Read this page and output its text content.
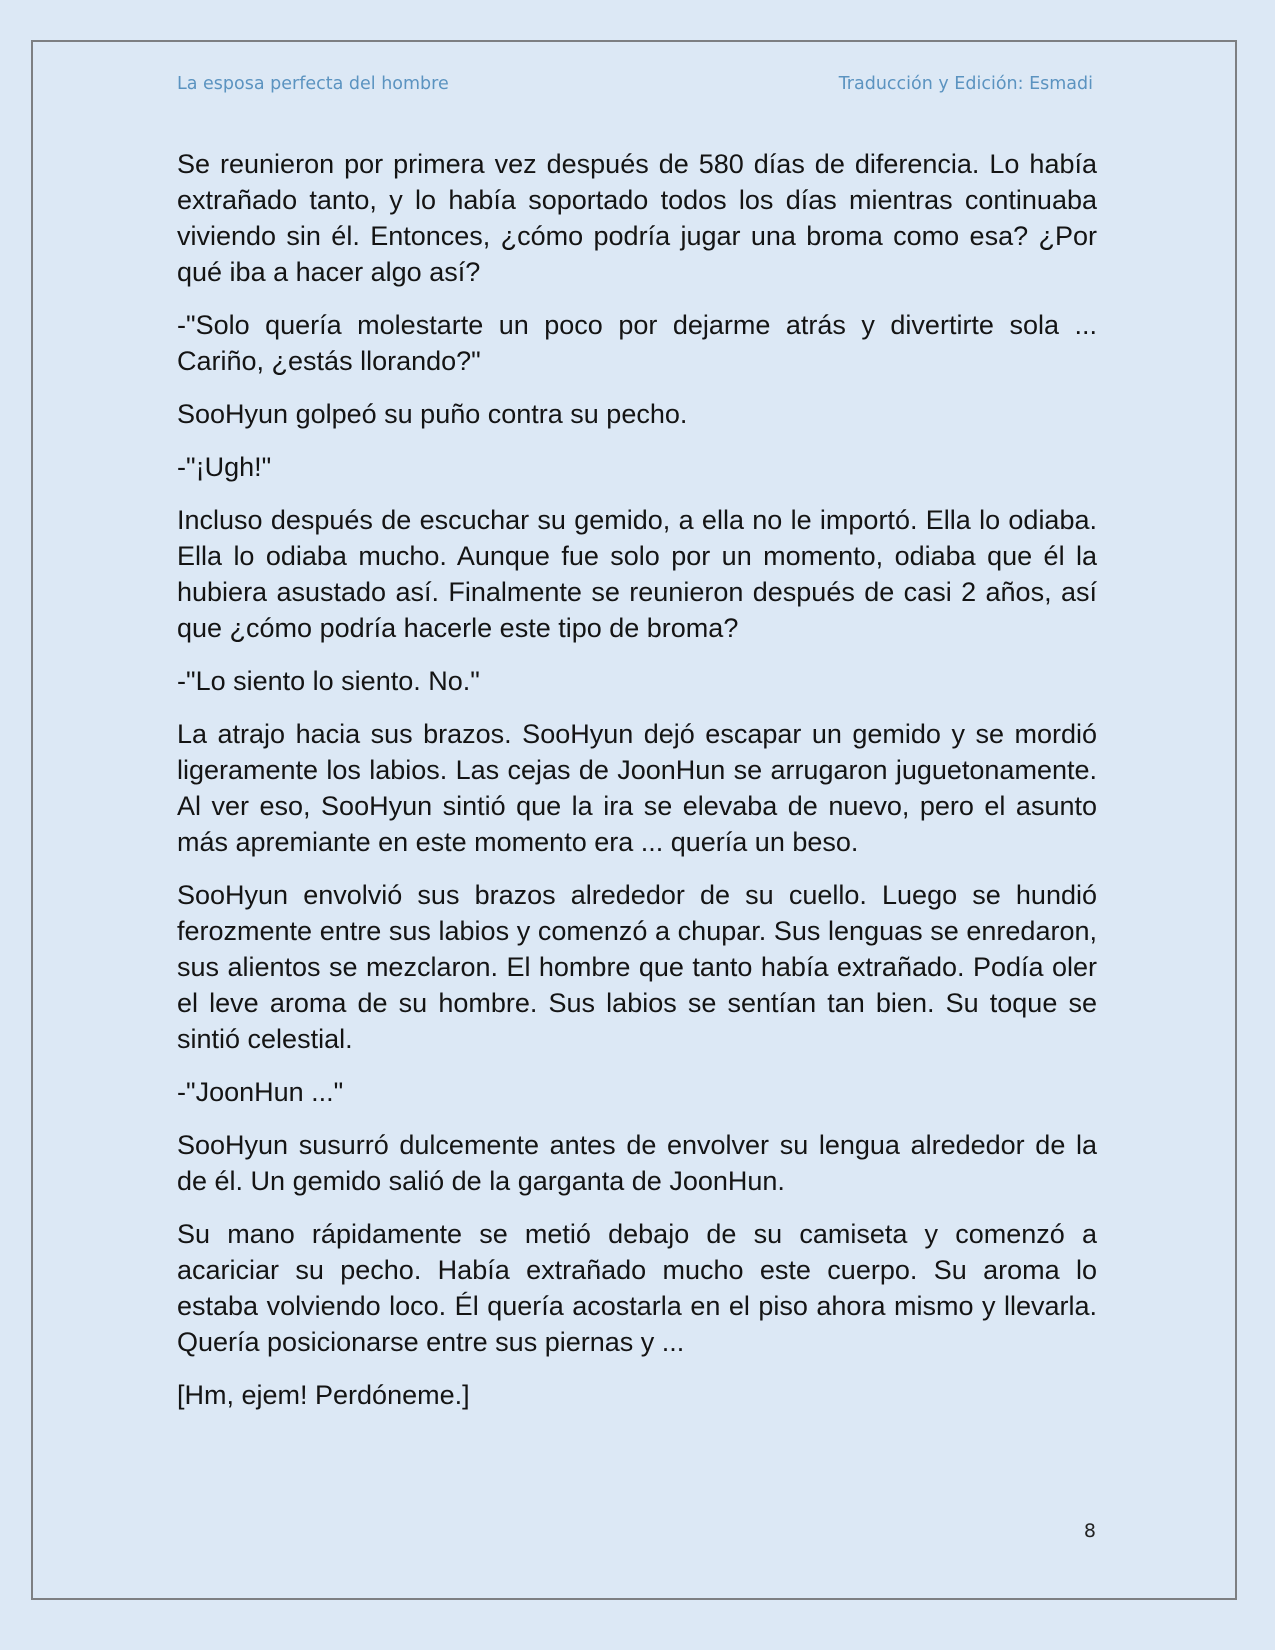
La esposa perfecta del hombre	Traducción y Edición: Esmadi

Se reunieron por primera vez después de 580 días de diferencia. Lo había extrañado tanto, y lo había soportado todos los días mientras continuaba viviendo sin él. Entonces, ¿cómo podría jugar una broma como esa? ¿Por qué iba a hacer algo así?

-"Solo quería molestarte un poco por dejarme atrás y divertirte sola ... Cariño, ¿estás llorando?"

SooHyun golpeó su puño contra su pecho.

-"¡Ugh!"

Incluso después de escuchar su gemido, a ella no le importó. Ella lo odiaba. Ella lo odiaba mucho. Aunque fue solo por un momento, odiaba que él la hubiera asustado así. Finalmente se reunieron después de casi 2 años, así que ¿cómo podría hacerle este tipo de broma?

-"Lo siento lo siento. No."

La atrajo hacia sus brazos. SooHyun dejó escapar un gemido y se mordió ligeramente los labios. Las cejas de JoonHun se arrugaron juguetonamente. Al ver eso, SooHyun sintió que la ira se elevaba de nuevo, pero el asunto más apremiante en este momento era ... quería un beso.

SooHyun envolvió sus brazos alrededor de su cuello. Luego se hundió ferozmente entre sus labios y comenzó a chupar. Sus lenguas se enredaron, sus alientos se mezclaron. El hombre que tanto había extrañado. Podía oler el leve aroma de su hombre. Sus labios se sentían tan bien. Su toque se sintió celestial.

-"JoonHun ..."

SooHyun susurró dulcemente antes de envolver su lengua alrededor de la de él. Un gemido salió de la garganta de JoonHun.

Su mano rápidamente se metió debajo de su camiseta y comenzó a acariciar su pecho. Había extrañado mucho este cuerpo. Su aroma lo estaba volviendo loco. Él quería acostarla en el piso ahora mismo y llevarla. Quería posicionarse entre sus piernas y ...

[Hm, ejem! Perdóneme.]

8
